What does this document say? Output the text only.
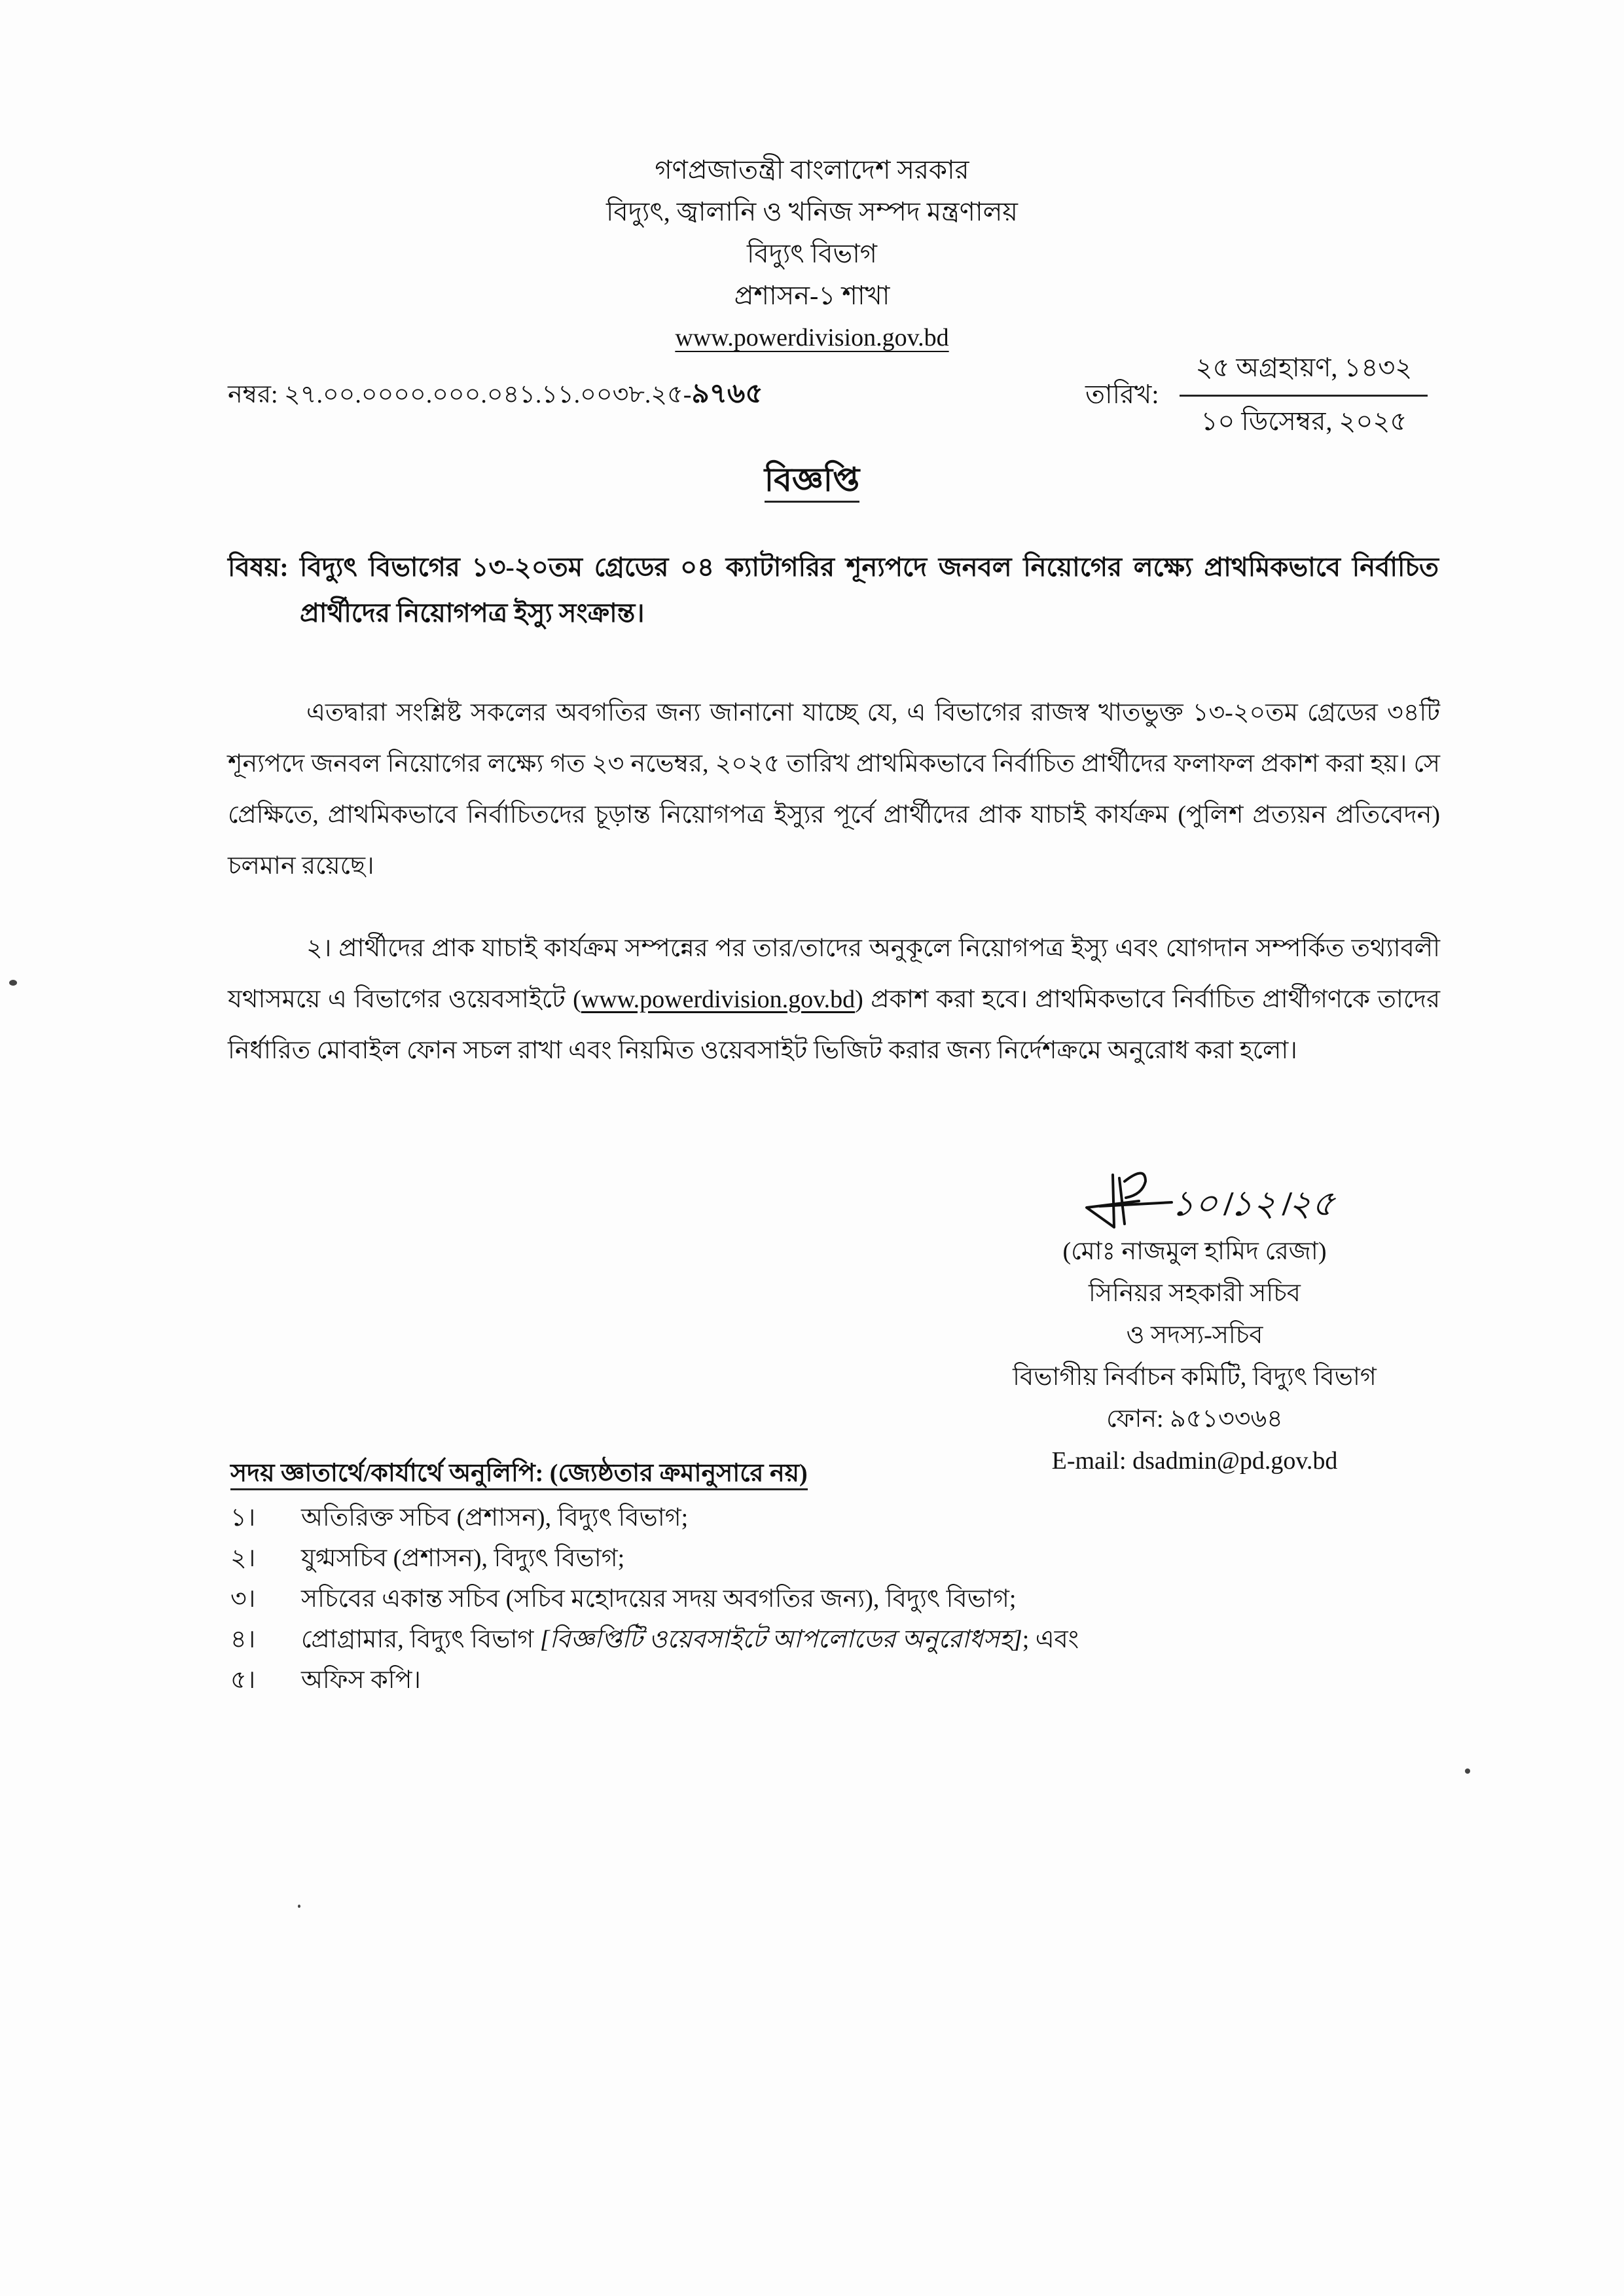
গণপ্রজাতন্ত্রী বাংলাদেশ সরকার
বিদ্যুৎ, জ্বালানি ও খনিজ সম্পদ মন্ত্রণালয়
বিদ্যুৎ বিভাগ
প্রশাসন-১ শাখা
www.powerdivision.gov.bd
নম্বর: ২৭.০০.০০০০.০০০.০৪১.১১.০০৩৮.২৫-৯৭৬৫	তারিখ: $\frac{\text{২৫ অগ্রহায়ণ, ১৪৩২}}{\text{১০ ডিসেম্বর, ২০২৫}}$
বিজ্ঞপ্তি
বিষয়: বিদ্যুৎ বিভাগের ১৩-২০তম গ্রেডের ০৪ ক্যাটাগরির শূন্যপদে জনবল নিয়োগের লক্ষ্যে প্রাথমিকভাবে নির্বাচিত প্রার্থীদের নিয়োগপত্র ইস্যু সংক্রান্ত।

এতদ্বারা সংশ্লিষ্ট সকলের অবগতির জন্য জানানো যাচ্ছে যে, এ বিভাগের রাজস্ব খাতভুক্ত ১৩-২০তম গ্রেডের ৩৪টি শূন্যপদে জনবল নিয়োগের লক্ষ্যে গত ২৩ নভেম্বর, ২০২৫ তারিখ প্রাথমিকভাবে নির্বাচিত প্রার্থীদের ফলাফল প্রকাশ করা হয়। সে প্রেক্ষিতে, প্রাথমিকভাবে নির্বাচিতদের চূড়ান্ত নিয়োগপত্র ইস্যুর পূর্বে প্রার্থীদের প্রাক যাচাই কার্যক্রম (পুলিশ প্রত্যয়ন প্রতিবেদন) চলমান রয়েছে।

২। প্রার্থীদের প্রাক যাচাই কার্যক্রম সম্পন্নের পর তার/তাদের অনুকূলে নিয়োগপত্র ইস্যু এবং যোগদান সম্পর্কিত তথ্যাবলী যথাসময়ে এ বিভাগের ওয়েবসাইটে (www.powerdivision.gov.bd) প্রকাশ করা হবে। প্রাথমিকভাবে নির্বাচিত প্রার্থীগণকে তাদের নির্ধারিত মোবাইল ফোন সচল রাখা এবং নিয়মিত ওয়েবসাইট ভিজিট করার জন্য নির্দেশক্রমে অনুরোধ করা হলো।

১০।১২।২৫
(মোঃ নাজমুল হামিদ রেজা)
সিনিয়র সহকারী সচিব
ও সদস্য-সচিব
বিভাগীয় নির্বাচন কমিটি, বিদ্যুৎ বিভাগ
ফোন: ৯৫১৩৩৬৪
E-mail: dsadmin@pd.gov.bd
সদয় জ্ঞাতার্থে/কার্যার্থে অনুলিপি: (জ্যেষ্ঠতার ক্রমানুসারে নয়)
১।	অতিরিক্ত সচিব (প্রশাসন), বিদ্যুৎ বিভাগ;
২।	যুগ্মসচিব (প্রশাসন), বিদ্যুৎ বিভাগ;
৩।	সচিবের একান্ত সচিব (সচিব মহোদয়ের সদয় অবগতির জন্য), বিদ্যুৎ বিভাগ;
৪।	প্রোগ্রামার, বিদ্যুৎ বিভাগ [বিজ্ঞপ্তিটি ওয়েবসাইটে আপলোডের অনুরোধসহ]; এবং
৫।	অফিস কপি।
